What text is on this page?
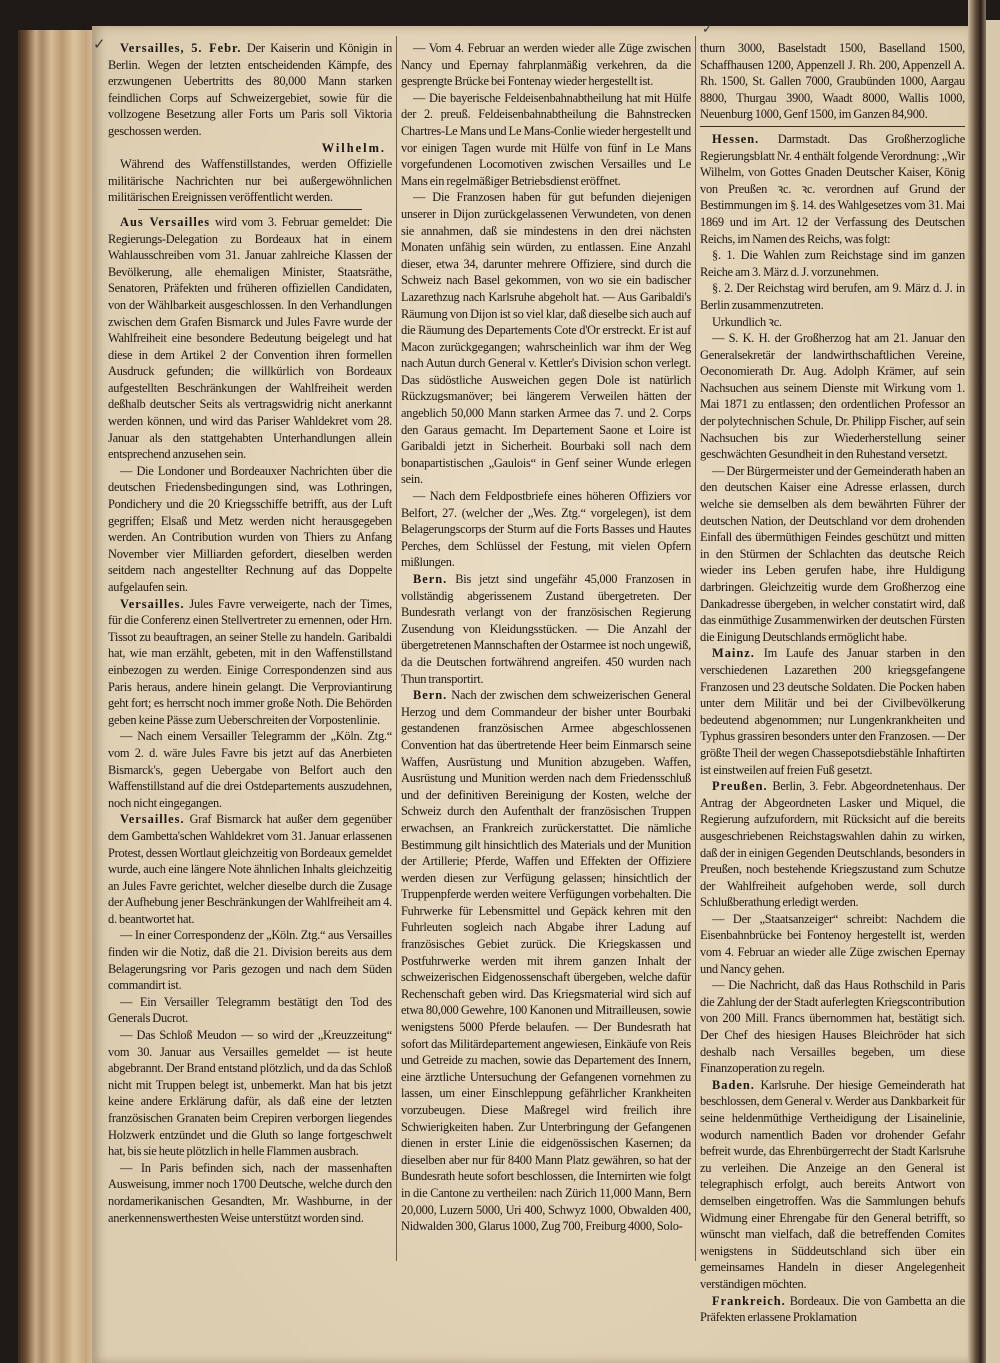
✓
✓

Versailles, 5. Febr. Der Kaiserin und Königin in Berlin. Wegen der letzten entscheidenden Kämpfe, des erzwungenen Uebertritts des 80,000 Mann starken feindlichen Corps auf Schweizergebiet, sowie für die vollzogene Besetzung aller Forts um Paris soll Viktoria geschossen werden.

Wilhelm.

Während des Waffenstillstandes, werden Offizielle militärische Nachrichten nur bei außergewöhnlichen militärischen Ereignissen veröffentlicht werden.

Aus Versailles wird vom 3. Februar gemeldet: Die Regierungs-Delegation zu Bordeaux hat in einem Wahlausschreiben vom 31. Januar zahlreiche Klassen der Bevölkerung, alle ehemaligen Minister, Staatsräthe, Senatoren, Präfekten und früheren offiziellen Candidaten, von der Wählbarkeit ausgeschlossen. In den Verhandlungen zwischen dem Grafen Bismarck und Jules Favre wurde der Wahlfreiheit eine besondere Bedeutung beigelegt und hat diese in dem Artikel 2 der Convention ihren formellen Ausdruck gefunden; die willkürlich von Bordeaux aufgestellten Beschränkungen der Wahlfreiheit werden deßhalb deutscher Seits als vertragswidrig nicht anerkannt werden können, und wird das Pariser Wahldekret vom 28. Januar als den stattgehabten Unterhandlungen allein entsprechend anzusehen sein.

— Die Londoner und Bordeauxer Nachrichten über die deutschen Friedensbedingungen sind, was Lothringen, Pondichery und die 20 Kriegsschiffe betrifft, aus der Luft gegriffen; Elsaß und Metz werden nicht herausgegeben werden. An Contribution wurden von Thiers zu Anfang November vier Milliarden gefordert, dieselben werden seitdem nach angestellter Rechnung auf das Doppelte aufgelaufen sein.

Versailles. Jules Favre verweigerte, nach der Times, für die Conferenz einen Stellvertreter zu ernennen, oder Hrn. Tissot zu beauftragen, an seiner Stelle zu handeln. Garibaldi hat, wie man erzählt, gebeten, mit in den Waffenstillstand einbezogen zu werden. Einige Correspondenzen sind aus Paris heraus, andere hinein gelangt. Die Verproviantirung geht fort; es herrscht noch immer große Noth. Die Behörden geben keine Pässe zum Ueberschreiten der Vorpostenlinie.

— Nach einem Versailler Telegramm der „Köln. Ztg.“ vom 2. d. wäre Jules Favre bis jetzt auf das Anerbieten Bismarck's, gegen Uebergabe von Belfort auch den Waffenstillstand auf die drei Ostdepartements auszudehnen, noch nicht eingegangen.

Versailles. Graf Bismarck hat außer dem gegenüber dem Gambetta'schen Wahldekret vom 31. Januar erlassenen Protest, dessen Wortlaut gleichzeitig von Bordeaux gemeldet wurde, auch eine längere Note ähnlichen Inhalts gleichzeitig an Jules Favre gerichtet, welcher dieselbe durch die Zusage der Aufhebung jener Beschränkungen der Wahlfreiheit am 4. d. beantwortet hat.

— In einer Correspondenz der „Köln. Ztg.“ aus Versailles finden wir die Notiz, daß die 21. Division bereits aus dem Belagerungsring vor Paris gezogen und nach dem Süden commandirt ist.

— Ein Versailler Telegramm bestätigt den Tod des Generals Ducrot.

— Das Schloß Meudon — so wird der „Kreuzzeitung“ vom 30. Januar aus Versailles gemeldet — ist heute abgebrannt. Der Brand entstand plötzlich, und da das Schloß nicht mit Truppen belegt ist, unbemerkt. Man hat bis jetzt keine andere Erklärung dafür, als daß eine der letzten französischen Granaten beim Crepiren verborgen liegendes Holzwerk entzündet und die Gluth so lange fortgeschwelt hat, bis sie heute plötzlich in helle Flammen ausbrach.

— In Paris befinden sich, nach der massenhaften Ausweisung, immer noch 1700 Deutsche, welche durch den nordamerikanischen Gesandten, Mr. Washburne, in der anerkennenswerthesten Weise unterstützt worden sind.

— Vom 4. Februar an werden wieder alle Züge zwischen Nancy und Epernay fahrplanmäßig verkehren, da die gesprengte Brücke bei Fontenay wieder hergestellt ist.

— Die bayerische Feldeisenbahnabtheilung hat mit Hülfe der 2. preuß. Feldeisenbahnabtheilung die Bahnstrecken Chartres-Le Mans und Le Mans-Conlie wieder hergestellt und vor einigen Tagen wurde mit Hülfe von fünf in Le Mans vorgefundenen Locomotiven zwischen Versailles und Le Mans ein regelmäßiger Betriebsdienst eröffnet.

— Die Franzosen haben für gut befunden diejenigen unserer in Dijon zurückgelassenen Verwundeten, von denen sie annahmen, daß sie mindestens in den drei nächsten Monaten unfähig sein würden, zu entlassen. Eine Anzahl dieser, etwa 34, darunter mehrere Offiziere, sind durch die Schweiz nach Basel gekommen, von wo sie ein badischer Lazarethzug nach Karlsruhe abgeholt hat. — Aus Garibaldi's Räumung von Dijon ist so viel klar, daß dieselbe sich auch auf die Räumung des Departements Cote d'Or erstreckt. Er ist auf Macon zurückgegangen; wahrscheinlich war ihm der Weg nach Autun durch General v. Kettler's Division schon verlegt. Das südöstliche Ausweichen gegen Dole ist natürlich Rückzugsmanöver; bei längerem Verweilen hätten der angeblich 50,000 Mann starken Armee das 7. und 2. Corps den Garaus gemacht. Im Departement Saone et Loire ist Garibaldi jetzt in Sicherheit. Bourbaki soll nach dem bonapartistischen „Gaulois“ in Genf seiner Wunde erlegen sein.

— Nach dem Feldpostbriefe eines höheren Offiziers vor Belfort, 27. (welcher der „Wes. Ztg.“ vorgelegen), ist dem Belagerungscorps der Sturm auf die Forts Basses und Hautes Perches, dem Schlüssel der Festung, mit vielen Opfern mißlungen.

Bern. Bis jetzt sind ungefähr 45,000 Franzosen in vollständig abgerissenem Zustand übergetreten. Der Bundesrath verlangt von der französischen Regierung Zusendung von Kleidungsstücken. — Die Anzahl der übergetretenen Mannschaften der Ostarmee ist noch ungewiß, da die Deutschen fortwährend angreifen. 450 wurden nach Thun transportirt.

Bern. Nach der zwischen dem schweizerischen General Herzog und dem Commandeur der bisher unter Bourbaki gestandenen französischen Armee abgeschlossenen Convention hat das übertretende Heer beim Einmarsch seine Waffen, Ausrüstung und Munition abzugeben. Waffen, Ausrüstung und Munition werden nach dem Friedensschluß und der definitiven Bereinigung der Kosten, welche der Schweiz durch den Aufenthalt der französischen Truppen erwachsen, an Frankreich zurückerstattet. Die nämliche Bestimmung gilt hinsichtlich des Materials und der Munition der Artillerie; Pferde, Waffen und Effekten der Offiziere werden diesen zur Verfügung gelassen; hinsichtlich der Truppenpferde werden weitere Verfügungen vorbehalten. Die Fuhrwerke für Lebensmittel und Gepäck kehren mit den Fuhrleuten sogleich nach Abgabe ihrer Ladung auf französisches Gebiet zurück. Die Kriegskassen und Postfuhrwerke werden mit ihrem ganzen Inhalt der schweizerischen Eidgenossenschaft übergeben, welche dafür Rechenschaft geben wird. Das Kriegsmaterial wird sich auf etwa 80,000 Gewehre, 100 Kanonen und Mitrailleusen, sowie wenigstens 5000 Pferde belaufen. — Der Bundesrath hat sofort das Militärdepartement angewiesen, Einkäufe von Reis und Getreide zu machen, sowie das Departement des Innern, eine ärztliche Untersuchung der Gefangenen vornehmen zu lassen, um einer Einschleppung gefährlicher Krankheiten vorzubeugen. Diese Maßregel wird freilich ihre Schwierigkeiten haben. Zur Unterbringung der Gefangenen dienen in erster Linie die eidgenössischen Kasernen; da dieselben aber nur für 8400 Mann Platz gewähren, so hat der Bundesrath heute sofort beschlossen, die Internirten wie folgt in die Cantone zu vertheilen: nach Zürich 11,000 Mann, Bern 20,000, Luzern 5000, Uri 400, Schwyz 1000, Obwalden 400, Nidwalden 300, Glarus 1000, Zug 700, Freiburg 4000, Solo-

thurn 3000, Baselstadt 1500, Baselland 1500, Schaffhausen 1200, Appenzell J. Rh. 200, Appenzell A. Rh. 1500, St. Gallen 7000, Graubünden 1000, Aargau 8800, Thurgau 3900, Waadt 8000, Wallis 1000, Neuenburg 1000, Genf 1500, im Ganzen 84,900.

Hessen. Darmstadt. Das Großherzogliche Regierungsblatt Nr. 4 enthält folgende Verordnung: „Wir Wilhelm, von Gottes Gnaden Deutscher Kaiser, König von Preußen ꝛc. ꝛc. verordnen auf Grund der Bestimmungen im §. 14. des Wahlgesetzes vom 31. Mai 1869 und im Art. 12 der Verfassung des Deutschen Reichs, im Namen des Reichs, was folgt:

§. 1. Die Wahlen zum Reichstage sind im ganzen Reiche am 3. März d. J. vorzunehmen.

§. 2. Der Reichstag wird berufen, am 9. März d. J. in Berlin zusammenzutreten.

Urkundlich ꝛc.

— S. K. H. der Großherzog hat am 21. Januar den Generalsekretär der landwirthschaftlichen Vereine, Oeconomierath Dr. Aug. Adolph Krämer, auf sein Nachsuchen aus seinem Dienste mit Wirkung vom 1. Mai 1871 zu entlassen; den ordentlichen Professor an der polytechnischen Schule, Dr. Philipp Fischer, auf sein Nachsuchen bis zur Wiederherstellung seiner geschwächten Gesundheit in den Ruhestand versetzt.

— Der Bürgermeister und der Gemeinderath haben an den deutschen Kaiser eine Adresse erlassen, durch welche sie demselben als dem bewährten Führer der deutschen Nation, der Deutschland vor dem drohenden Einfall des übermüthigen Feindes geschützt und mitten in den Stürmen der Schlachten das deutsche Reich wieder ins Leben gerufen habe, ihre Huldigung darbringen. Gleichzeitig wurde dem Großherzog eine Dankadresse übergeben, in welcher constatirt wird, daß das einmüthige Zusammenwirken der deutschen Fürsten die Einigung Deutschlands ermöglicht habe.

Mainz. Im Laufe des Januar starben in den verschiedenen Lazarethen 200 kriegsgefangene Franzosen und 23 deutsche Soldaten. Die Pocken haben unter dem Militär und bei der Civilbevölkerung bedeutend abgenommen; nur Lungenkrankheiten und Typhus grassiren besonders unter den Franzosen. — Der größte Theil der wegen Chassepotsdiebstähle Inhaftirten ist einstweilen auf freien Fuß gesetzt.

Preußen. Berlin, 3. Febr. Abgeordnetenhaus. Der Antrag der Abgeordneten Lasker und Miquel, die Regierung aufzufordern, mit Rücksicht auf die bereits ausgeschriebenen Reichstagswahlen dahin zu wirken, daß der in einigen Gegenden Deutschlands, besonders in Preußen, noch bestehende Kriegszustand zum Schutze der Wahlfreiheit aufgehoben werde, soll durch Schlußberathung erledigt werden.

— Der „Staatsanzeiger“ schreibt: Nachdem die Eisenbahnbrücke bei Fontenoy hergestellt ist, werden vom 4. Februar an wieder alle Züge zwischen Epernay und Nancy gehen.

— Die Nachricht, daß das Haus Rothschild in Paris die Zahlung der der Stadt auferlegten Kriegscontribution von 200 Mill. Francs übernommen hat, bestätigt sich. Der Chef des hiesigen Hauses Bleichröder hat sich deshalb nach Versailles begeben, um diese Finanzoperation zu regeln.

Baden. Karlsruhe. Der hiesige Gemeinderath hat beschlossen, dem General v. Werder aus Dankbarkeit für seine heldenmüthige Vertheidigung der Lisainelinie, wodurch namentlich Baden vor drohender Gefahr befreit wurde, das Ehrenbürgerrecht der Stadt Karlsruhe zu verleihen. Die Anzeige an den General ist telegraphisch erfolgt, auch bereits Antwort von demselben eingetroffen. Was die Sammlungen behufs Widmung einer Ehrengabe für den General betrifft, so wünscht man vielfach, daß die betreffenden Comites wenigstens in Süddeutschland sich über ein gemeinsames Handeln in dieser Angelegenheit verständigen möchten.

Frankreich. Bordeaux. Die von Gambetta an die Präfekten erlassene Proklamation
